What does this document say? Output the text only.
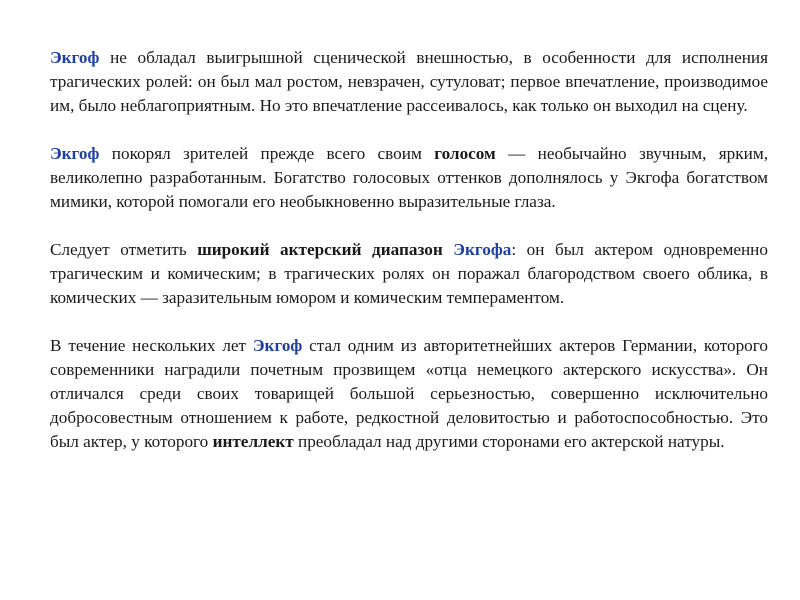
Экгоф не обладал выигрышной сценической внешностью, в особенности для исполнения трагических ролей: он был мал ростом, невзрачен, сутуловат; первое впечатление, производимое им, было неблагоприятным. Но это впечатление рассеивалось, как только он выходил на сцену.

Экгоф покорял зрителей прежде всего своим голосом — необычайно звучным, ярким, великолепно разработанным. Богатство голосовых оттенков дополнялось у Экгофа богатством мимики, которой помогали его необыкновенно выразительные глаза.

Следует отметить широкий актерский диапазон Экгофа: он был актером одновременно трагическим и комическим; в трагических ролях он поражал благородством своего облика, в комических — заразительным юмором и комическим темпераментом.

В течение нескольких лет Экгоф стал одним из авторитетнейших актеров Германии, которого современники наградили почетным прозвищем «отца немецкого актерского искусства». Он отличался среди своих товарищей большой серьезностью, совершенно исключительно добросовестным отношением к работе, редкостной деловитостью и работоспособностью. Это был актер, у которого интеллект преобладал над другими сторонами его актерской натуры.
